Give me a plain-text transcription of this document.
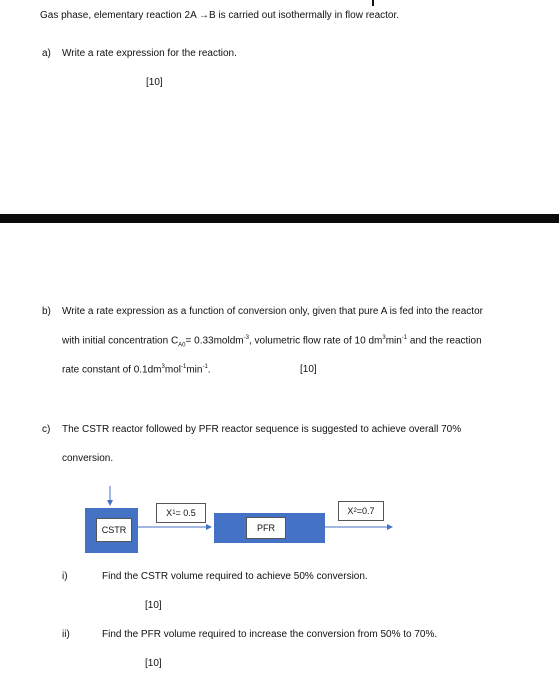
Gas phase, elementary reaction 2A →B is carried out isothermally in flow reactor.
a) Write a rate expression for the reaction.
[10]
b) Write a rate expression as a function of conversion only, given that pure A is fed into the reactor
with initial concentration $C_{A0}=$ 0.33moldm$^{-3}$, volumetric flow rate of 10 $dm^3\min^{-1}$ and the reaction
rate constant of $0.1dm^3mol^{-1}\min^{-1}$.	[10]
c) The CSTR reactor followed by PFR reactor sequence is suggested to achieve overall 70%
conversion.
CSTR	PFR
X 1 = 0.5	X 2 =0.7
i)	Find the CSTR volume required to achieve 50% conversion.
[10]
ii)	Find the PFR volume required to increase the conversion from 50% to 70%.
[10]
